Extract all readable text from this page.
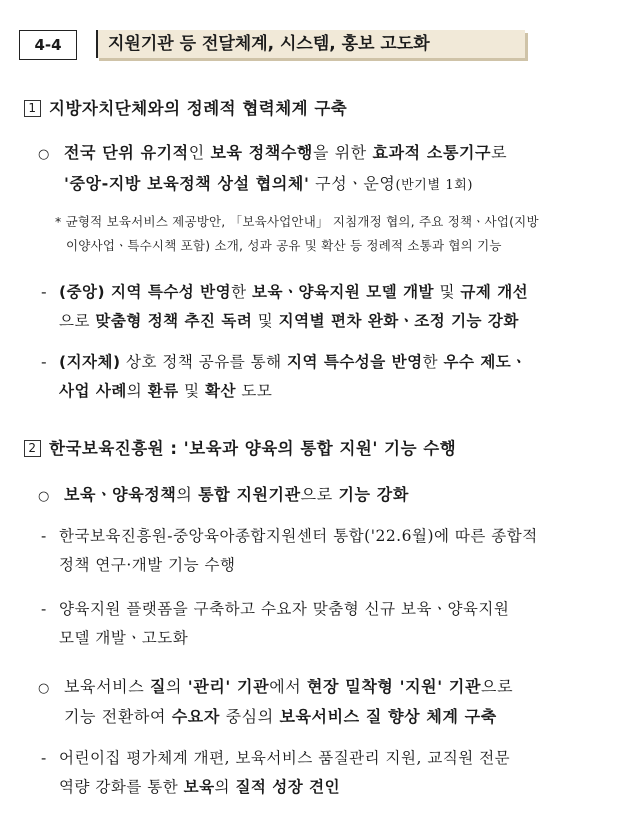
4-4	지원기관 등 전달체계, 시스템, 홍보 고도화
1 지방자치단체와의 정례적 협력체계 구축
○ 전국 단위 유기적인 보육 정책수행을 위한 효과적 소통기구로
'중앙-지방 보육정책 상설 협의체' 구성ㆍ운영(반기별 1회)
* 균형적 보육서비스 제공방안, 「보육사업안내」 지침개정 협의, 주요 정책ㆍ사업(지방
이양사업ㆍ특수시책 포함) 소개, 성과 공유 및 확산 등 정례적 소통과 협의 기능
- (중앙) 지역 특수성 반영한 보육ㆍ양육지원 모델 개발 및 규제 개선
으로 맞춤형 정책 추진 독려 및 지역별 편차 완화ㆍ조정 기능 강화
- (지자체) 상호 정책 공유를 통해 지역 특수성을 반영한 우수 제도ㆍ
사업 사례의 환류 및 확산 도모
2 한국보육진흥원 : '보육과 양육의 통합 지원' 기능 수행
○ 보육ㆍ양육정책의 통합 지원기관으로 기능 강화
- 한국보육진흥원-중앙육아종합지원센터 통합('22.6월)에 따른 종합적
정책 연구·개발 기능 수행
- 양육지원 플랫폼을 구축하고 수요자 맞춤형 신규 보육ㆍ양육지원
모델 개발ㆍ고도화
○ 보육서비스 질의 '관리' 기관에서 현장 밀착형 '지원' 기관으로
기능 전환하여 수요자 중심의 보육서비스 질 향상 체계 구축
- 어린이집 평가체계 개편, 보육서비스 품질관리 지원, 교직원 전문
역량 강화를 통한 보육의 질적 성장 견인
